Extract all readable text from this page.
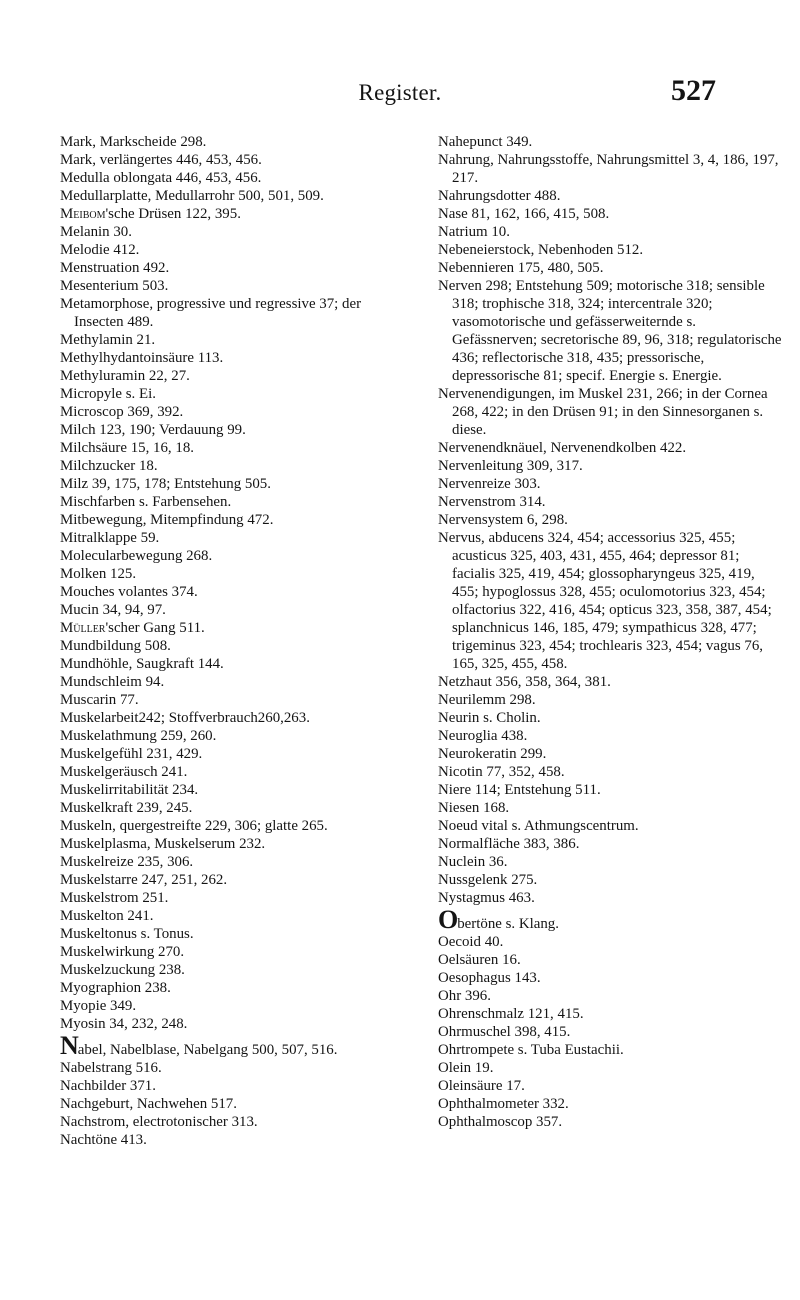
Register.	527
Mark, Markscheide 298.
Mark, verlängertes 446, 453, 456.
Medulla oblongata 446, 453, 456.
Medullarplatte, Medullarrohr 500, 501, 509.
Meibom'sche Drüsen 122, 395.
Melanin 30.
Melodie 412.
Menstruation 492.
Mesenterium 503.
Metamorphose, progressive und regressive 37; der Insecten 489.
Methylamin 21.
Methylhydantoinsäure 113.
Methyluramin 22, 27.
Micropyle s. Ei.
Microscop 369, 392.
Milch 123, 190; Verdauung 99.
Milchsäure 15, 16, 18.
Milchzucker 18.
Milz 39, 175, 178; Entstehung 505.
Mischfarben s. Farbensehen.
Mitbewegung, Mitempfindung 472.
Mitralklappe 59.
Molecularbewegung 268.
Molken 125.
Mouches volantes 374.
Mucin 34, 94, 97.
Müller'scher Gang 511.
Mundbildung 508.
Mundhöhle, Saugkraft 144.
Mundschleim 94.
Muscarin 77.
Muskelarbeit242; Stoffverbrauch260,263.
Muskelathmung 259, 260.
Muskelgefühl 231, 429.
Muskelgeräusch 241.
Muskelirritabilität 234.
Muskelkraft 239, 245.
Muskeln, quergestreifte 229, 306; glatte 265.
Muskelplasma, Muskelserum 232.
Muskelreize 235, 306.
Muskelstarre 247, 251, 262.
Muskelstrom 251.
Muskelton 241.
Muskeltonus s. Tonus.
Muskelwirkung 270.
Muskelzuckung 238.
Myographion 238.
Myopie 349.
Myosin 34, 232, 248.
Nabel, Nabelblase, Nabelgang 500, 507, 516.
Nabelstrang 516.
Nachbilder 371.
Nachgeburt, Nachwehen 517.
Nachstrom, electrotonischer 313.
Nachtöne 413.
Nahepunct 349.
Nahrung, Nahrungsstoffe, Nahrungsmittel 3, 4, 186, 197, 217.
Nahrungsdotter 488.
Nase 81, 162, 166, 415, 508.
Natrium 10.
Nebeneierstock, Nebenhoden 512.
Nebennieren 175, 480, 505.
Nerven 298; Entstehung 509; motorische 318; sensible 318; trophische 318, 324; intercentrale 320; vasomotorische und gefässerweiternde s. Gefässnerven; secretorische 89, 96, 318; regulatorische 436; reflectorische 318, 435; pressorische, depressorische 81; specif. Energie s. Energie.
Nervenendigungen, im Muskel 231, 266; in der Cornea 268, 422; in den Drüsen 91; in den Sinnesorganen s. diese.
Nervenendknäuel, Nervenendkolben 422.
Nervenleitung 309, 317.
Nervenreize 303.
Nervenstrom 314.
Nervensystem 6, 298.
Nervus, abducens 324, 454; accessorius 325, 455; acusticus 325, 403, 431, 455, 464; depressor 81; facialis 325, 419, 454; glossopharyngeus 325, 419, 455; hypoglossus 328, 455; oculomotorius 323, 454; olfactorius 322, 416, 454; opticus 323, 358, 387, 454; splanchnicus 146, 185, 479; sympathicus 328, 477; trigeminus 323, 454; trochlearis 323, 454; vagus 76, 165, 325, 455, 458.
Netzhaut 356, 358, 364, 381.
Neurilemm 298.
Neurin s. Cholin.
Neuroglia 438.
Neurokeratin 299.
Nicotin 77, 352, 458.
Niere 114; Entstehung 511.
Niesen 168.
Noeud vital s. Athmungscentrum.
Normalfläche 383, 386.
Nuclein 36.
Nussgelenk 275.
Nystagmus 463.
Obertöne s. Klang.
Oecoid 40.
Oelsäuren 16.
Oesophagus 143.
Ohr 396.
Ohrenschmalz 121, 415.
Ohrmuschel 398, 415.
Ohrtrompete s. Tuba Eustachii.
Olein 19.
Oleinsäure 17.
Ophthalmometer 332.
Ophthalmoscop 357.
